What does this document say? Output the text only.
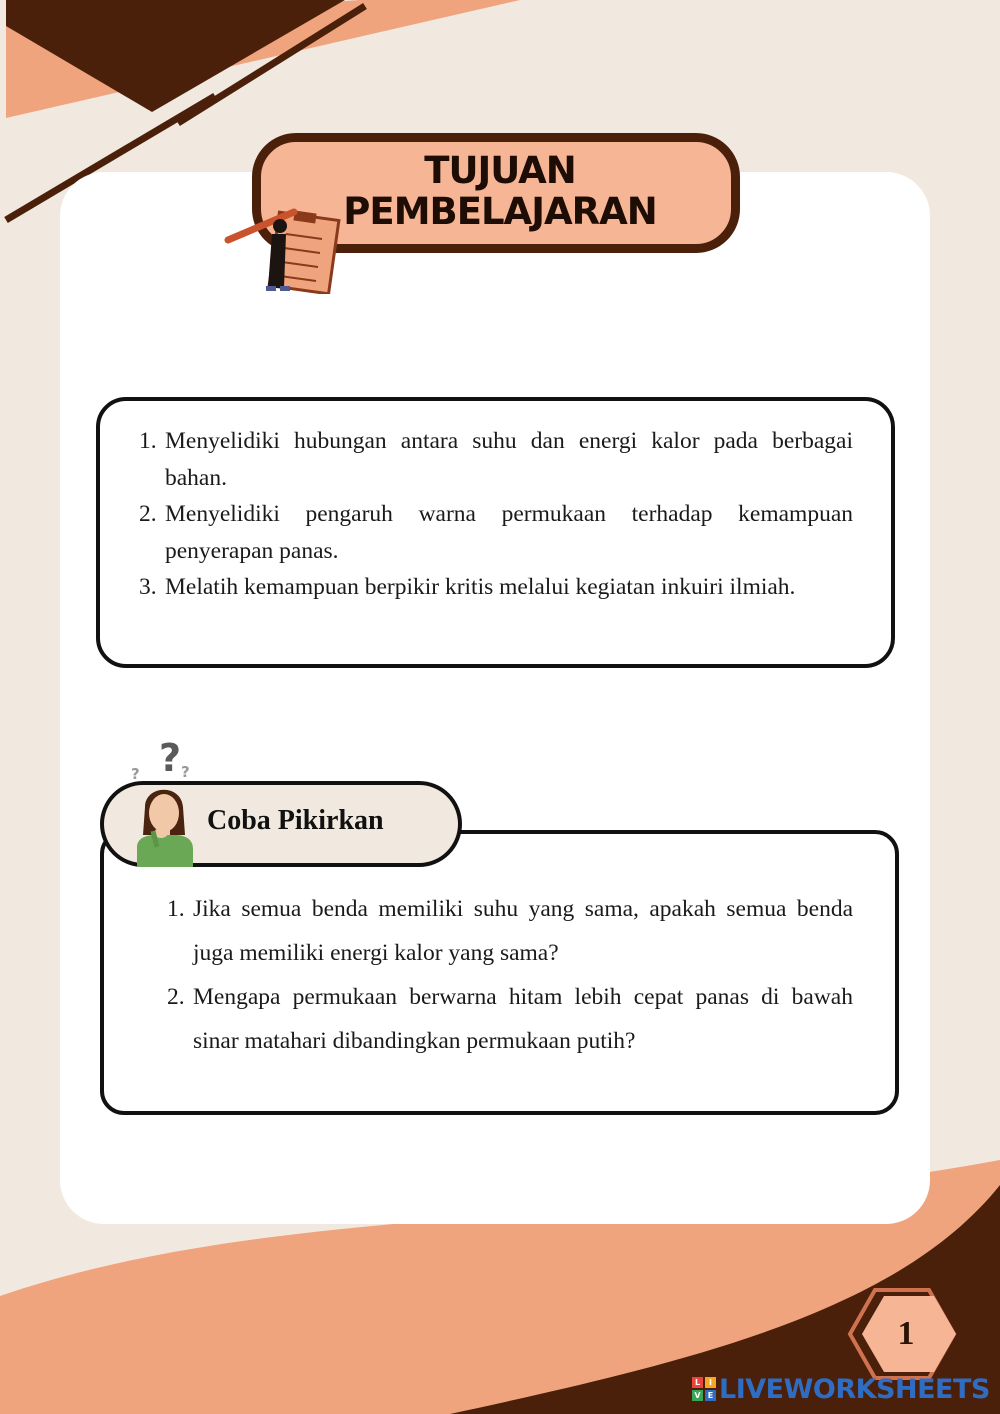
TUJUAN
PEMBELAJARAN
1. Menyelidiki hubungan antara suhu dan energi kalor pada berbagai bahan.
2. Menyelidiki pengaruh warna permukaan terhadap kemampuan penyerapan panas.
3. Melatih kemampuan berpikir kritis melalui kegiatan inkuiri ilmiah.
?
?	?
Coba Pikirkan
1. Jika semua benda memiliki suhu yang sama, apakah semua benda juga memiliki energi kalor yang sama?
2. Mengapa permukaan berwarna hitam lebih cepat panas di bawah sinar matahari dibandingkan permukaan putih?
1
L	I
V E LIVEWORKSHEETS
